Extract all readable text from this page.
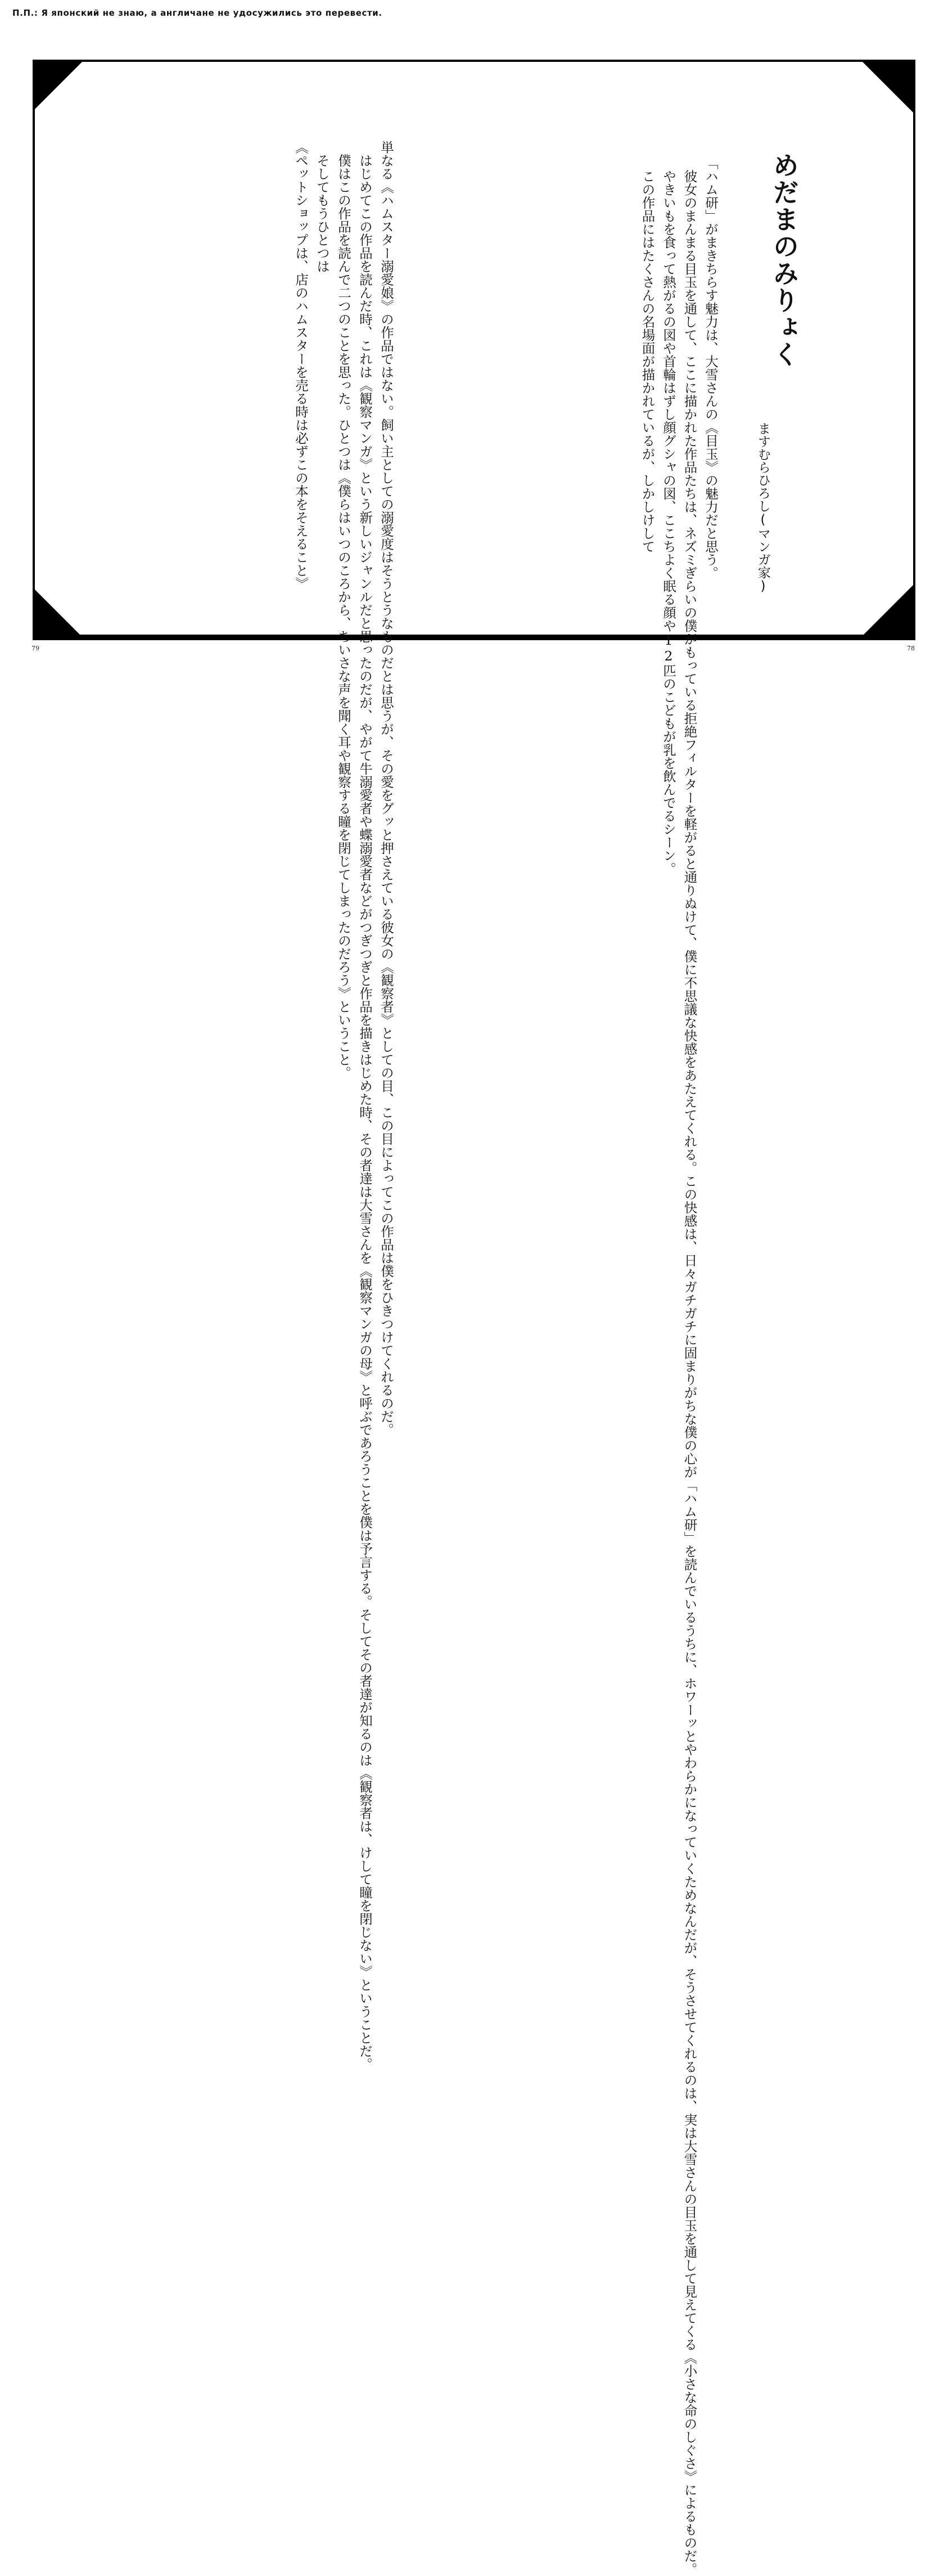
П.П.: Я японский не знаю, а англичане не удосужились это перевести.
めだまのみりょく
ますむらひろし(マンガ家)
「ハム研」がまきちらす魅力は、大雪さんの《目玉》の魅力だと思う。
　彼女のまんまる目玉を通して、ここに描かれた作品たちは、ネズミぎらいの僕がもっている拒絶フィルターを軽がると通りぬけて、僕に不思議な快感をあたえてくれる。この快感は、日々ガチガチに固まりがちな僕の心が「ハム研」を読んでいるうちに、ホワーッとやわらかになっていくためなんだが、そうさせてくれるのは、実は大雪さんの目玉を通して見えてくる《小さな命のしぐさ》によるものだ。
　やきいもを食って熱がるの図や首輪はずし顔グシャの図、ここちよく眠る顔や12匹のこどもが乳を飲んでるシーン。
　この作品にはたくさんの名場面が描かれているが、しかしけして
単なる《ハムスター溺愛娘》の作品ではない。飼い主としての溺愛度はそうとうなものだとは思うが、その愛をグッと押さえている彼女の《観察者》としての目、この目によってこの作品は僕をひきつけてくれるのだ。
　はじめてこの作品を読んだ時、これは《観察マンガ》という新しいジャンルだと思ったのだが、やがて牛溺愛者や蝶溺愛者などがつぎつぎと作品を描きはじめた時、その者達は大雪さんを《観察マンガの母》と呼ぶであろうことを僕は予言する。そしてその者達が知るのは《観察者は、けして瞳を閉じない》ということだ。
　僕はこの作品を読んで二つのことを思った。ひとつは《僕らはいつのころから、ちいさな声を聞く耳や観察する瞳を閉じてしまったのだろう》ということ。
　そしてもうひとつは
《ペットショップは、店のハムスターを売る時は必ずこの本をそえること》
79	78
